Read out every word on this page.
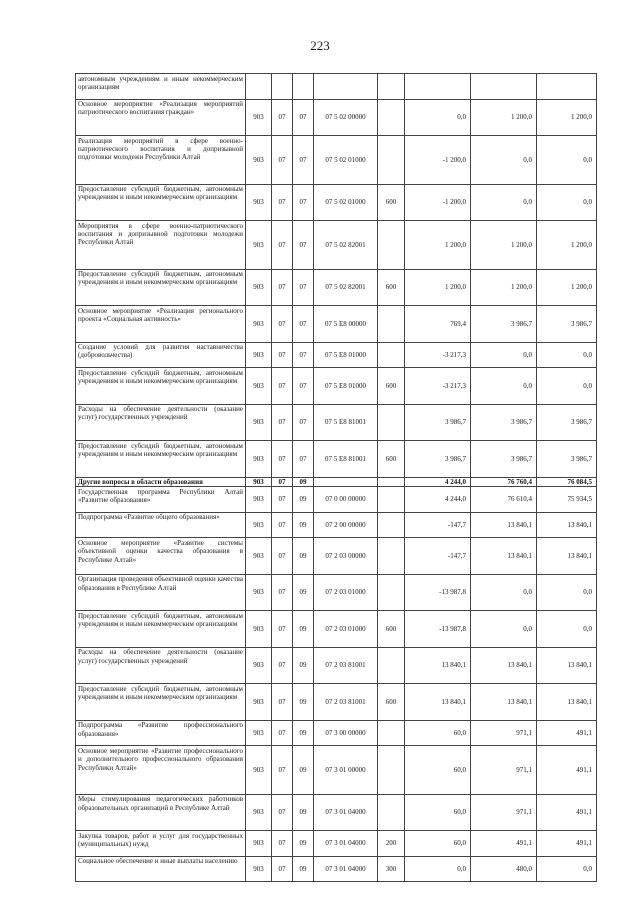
223
автономным учреждениям и иным некоммерческим организациям								
Основное мероприятие «Реализация мероприятий патриотического воспитания граждан»	903	07	07	07 5 02 00000		0,0	1 200,0	1 200,0
Реализация мероприятий в сфере военно-патриотического воспитания и допризывной подготовки молодежи Республики Алтай	903	07	07	07 5 02 01000		-1 200,0	0,0	0,0
Предоставление субсидий бюджетным, автономным учреждениям и иным некоммерческим организациям	903	07	07	07 5 02 01000	600	-1 200,0	0,0	0,0
Мероприятия в сфере военно-патриотического воспитания и допризывной подготовки молодежи Республики Алтай	903	07	07	07 5 02 82001		1 200,0	1 200,0	1 200,0
Предоставление субсидий бюджетным, автономным учреждениям и иным некоммерческим организациям	903	07	07	07 5 02 82001	600	1 200,0	1 200,0	1 200,0
Основное мероприятие «Реализация регионального проекта «Социальная активность»	903	07	07	07 5 E8 00000		769,4	3 986,7	3 986,7
Создание условий для развития наставничества (добровольчества)	903	07	07	07 5 E8 01000		-3 217,3	0,0	0,0
Предоставление субсидий бюджетным, автономным учреждениям и иным некоммерческим организациям	903	07	07	07 5 E8 01000	600	-3 217,3	0,0	0,0
Расходы на обеспечение деятельности (оказание услуг) государственных учреждений	903	07	07	07 5 E8 81001		3 986,7	3 986,7	3 986,7
Предоставление субсидий бюджетным, автономным учреждениям и иным некоммерческим организациям	903	07	07	07 5 E8 81001	600	3 986,7	3 986,7	3 986,7
Другие вопросы в области образования	903	07	09			4 244,0	76 760,4	76 084,5
Государственная программа Республики Алтай «Развитие образования»	903	07	09	07 0 00 00000		4 244,0	76 610,4	75 934,5
Подпрограмма «Развитие общего образования»	903	07	09	07 2 00 00000		-147,7	13 840,1	13 840,1
Основное мероприятие «Развитие системы объективной оценки качества образования в Республике Алтай»	903	07	09	07 2 03 00000		-147,7	13 840,1	13 840,1
Организация проведения объективной оценки качества образования в Республике Алтай	903	07	09	07 2 03 01000		-13 987,8	0,0	0,0
Предоставление субсидий бюджетным, автономным учреждениям и иным некоммерческим организациям	903	07	09	07 2 03 01000	600	-13 987,8	0,0	0,0
Расходы на обеспечение деятельности (оказание услуг) государственных учреждений	903	07	09	07 2 03 81001		13 840,1	13 840,1	13 840,1
Предоставление субсидий бюджетным, автономным учреждениям и иным некоммерческим организациям	903	07	09	07 2 03 81001	600	13 840,1	13 840,1	13 840,1
Подпрограмма «Развитие профессионального образования»	903	07	09	07 3 00 00000		60,0	971,1	491,1
Основное мероприятие «Развитие профессионального и дополнительного профессионального образования Республики Алтай»	903	07	09	07 3 01 00000		60,0	971,1	491,1
Меры стимулирования педагогических работников образовательных организаций в Республике Алтай	903	07	09	07 3 01 04000		60,0	971,1	491,1
Закупка товаров, работ и услуг для государственных (муниципальных) нужд	903	07	09	07 3 01 04000	200	60,0	491,1	491,1
Социальное обеспечение и иные выплаты населению	903	07	09	07 3 01 04000	300	0,0	480,0	0,0
